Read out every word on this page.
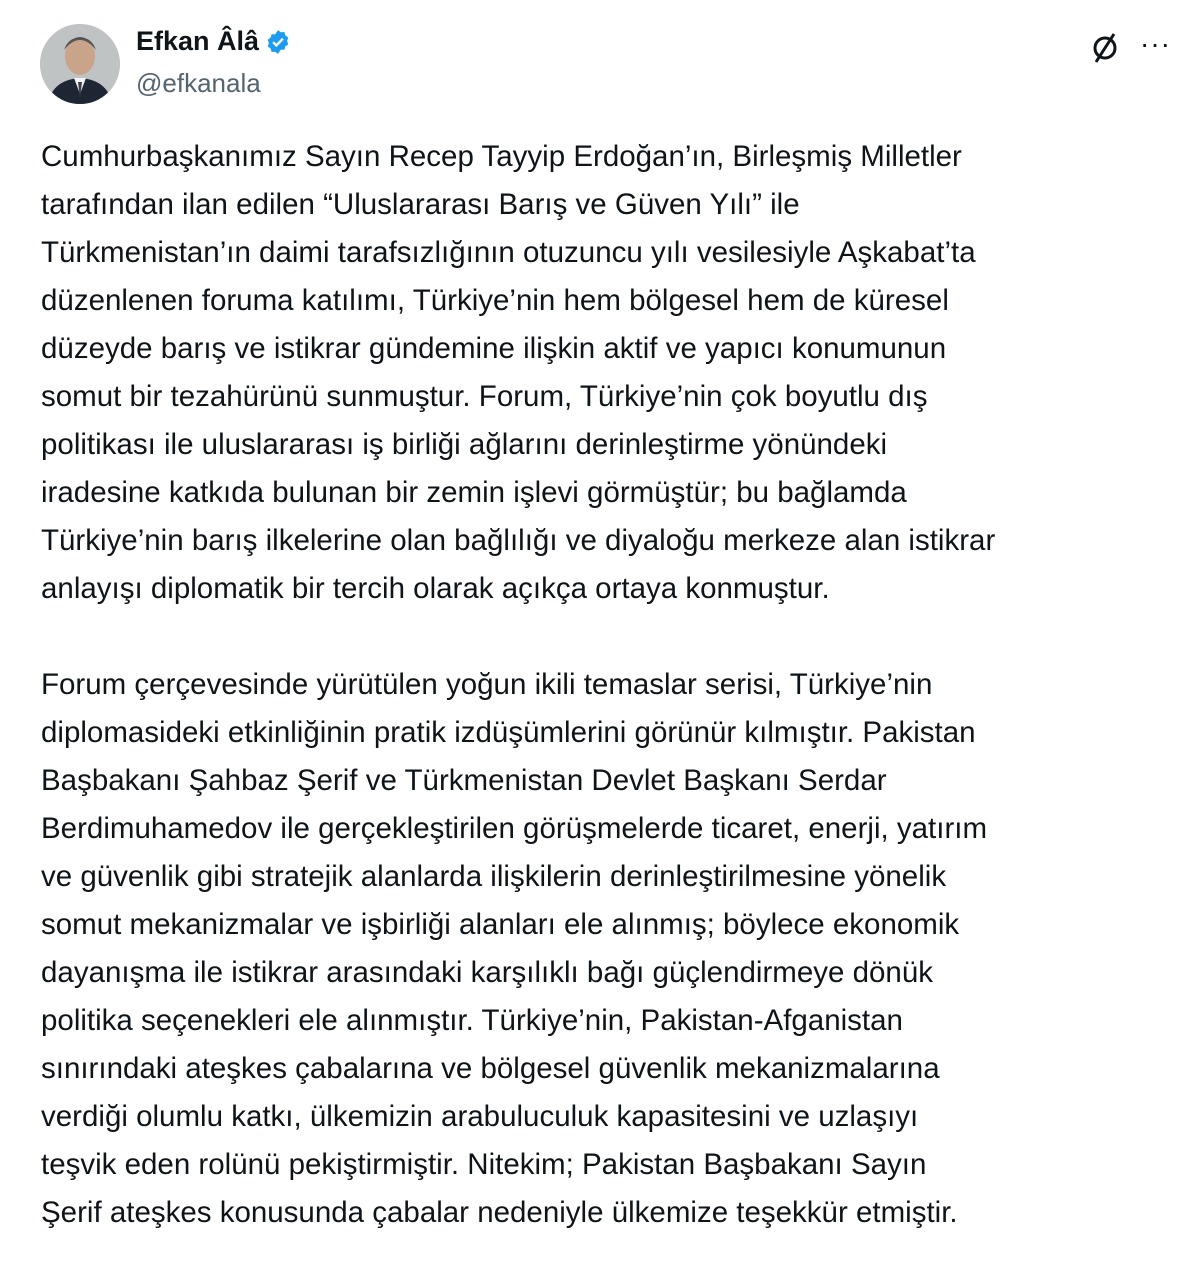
Efkan Âlâ
@efkanala
···
Cumhurbaşkanımız Sayın Recep Tayyip Erdoğan’ın, Birleşmiş Milletler
tarafından ilan edilen “Uluslararası Barış ve Güven Yılı” ile
Türkmenistan’ın daimi tarafsızlığının otuzuncu yılı vesilesiyle Aşkabat’ta
düzenlenen foruma katılımı, Türkiye’nin hem bölgesel hem de küresel
düzeyde barış ve istikrar gündemine ilişkin aktif ve yapıcı konumunun
somut bir tezahürünü sunmuştur. Forum, Türkiye’nin çok boyutlu dış
politikası ile uluslararası iş birliği ağlarını derinleştirme yönündeki
iradesine katkıda bulunan bir zemin işlevi görmüştür; bu bağlamda
Türkiye’nin barış ilkelerine olan bağlılığı ve diyaloğu merkeze alan istikrar
anlayışı diplomatik bir tercih olarak açıkça ortaya konmuştur.
Forum çerçevesinde yürütülen yoğun ikili temaslar serisi, Türkiye’nin
diplomasideki etkinliğinin pratik izdüşümlerini görünür kılmıştır. Pakistan
Başbakanı Şahbaz Şerif ve Türkmenistan Devlet Başkanı Serdar
Berdimuhamedov ile gerçekleştirilen görüşmelerde ticaret, enerji, yatırım
ve güvenlik gibi stratejik alanlarda ilişkilerin derinleştirilmesine yönelik
somut mekanizmalar ve işbirliği alanları ele alınmış; böylece ekonomik
dayanışma ile istikrar arasındaki karşılıklı bağı güçlendirmeye dönük
politika seçenekleri ele alınmıştır. Türkiye’nin, Pakistan-Afganistan
sınırındaki ateşkes çabalarına ve bölgesel güvenlik mekanizmalarına
verdiği olumlu katkı, ülkemizin arabuluculuk kapasitesini ve uzlaşıyı
teşvik eden rolünü pekiştirmiştir. Nitekim; Pakistan Başbakanı Sayın
Şerif ateşkes konusunda çabalar nedeniyle ülkemize teşekkür etmiştir.
